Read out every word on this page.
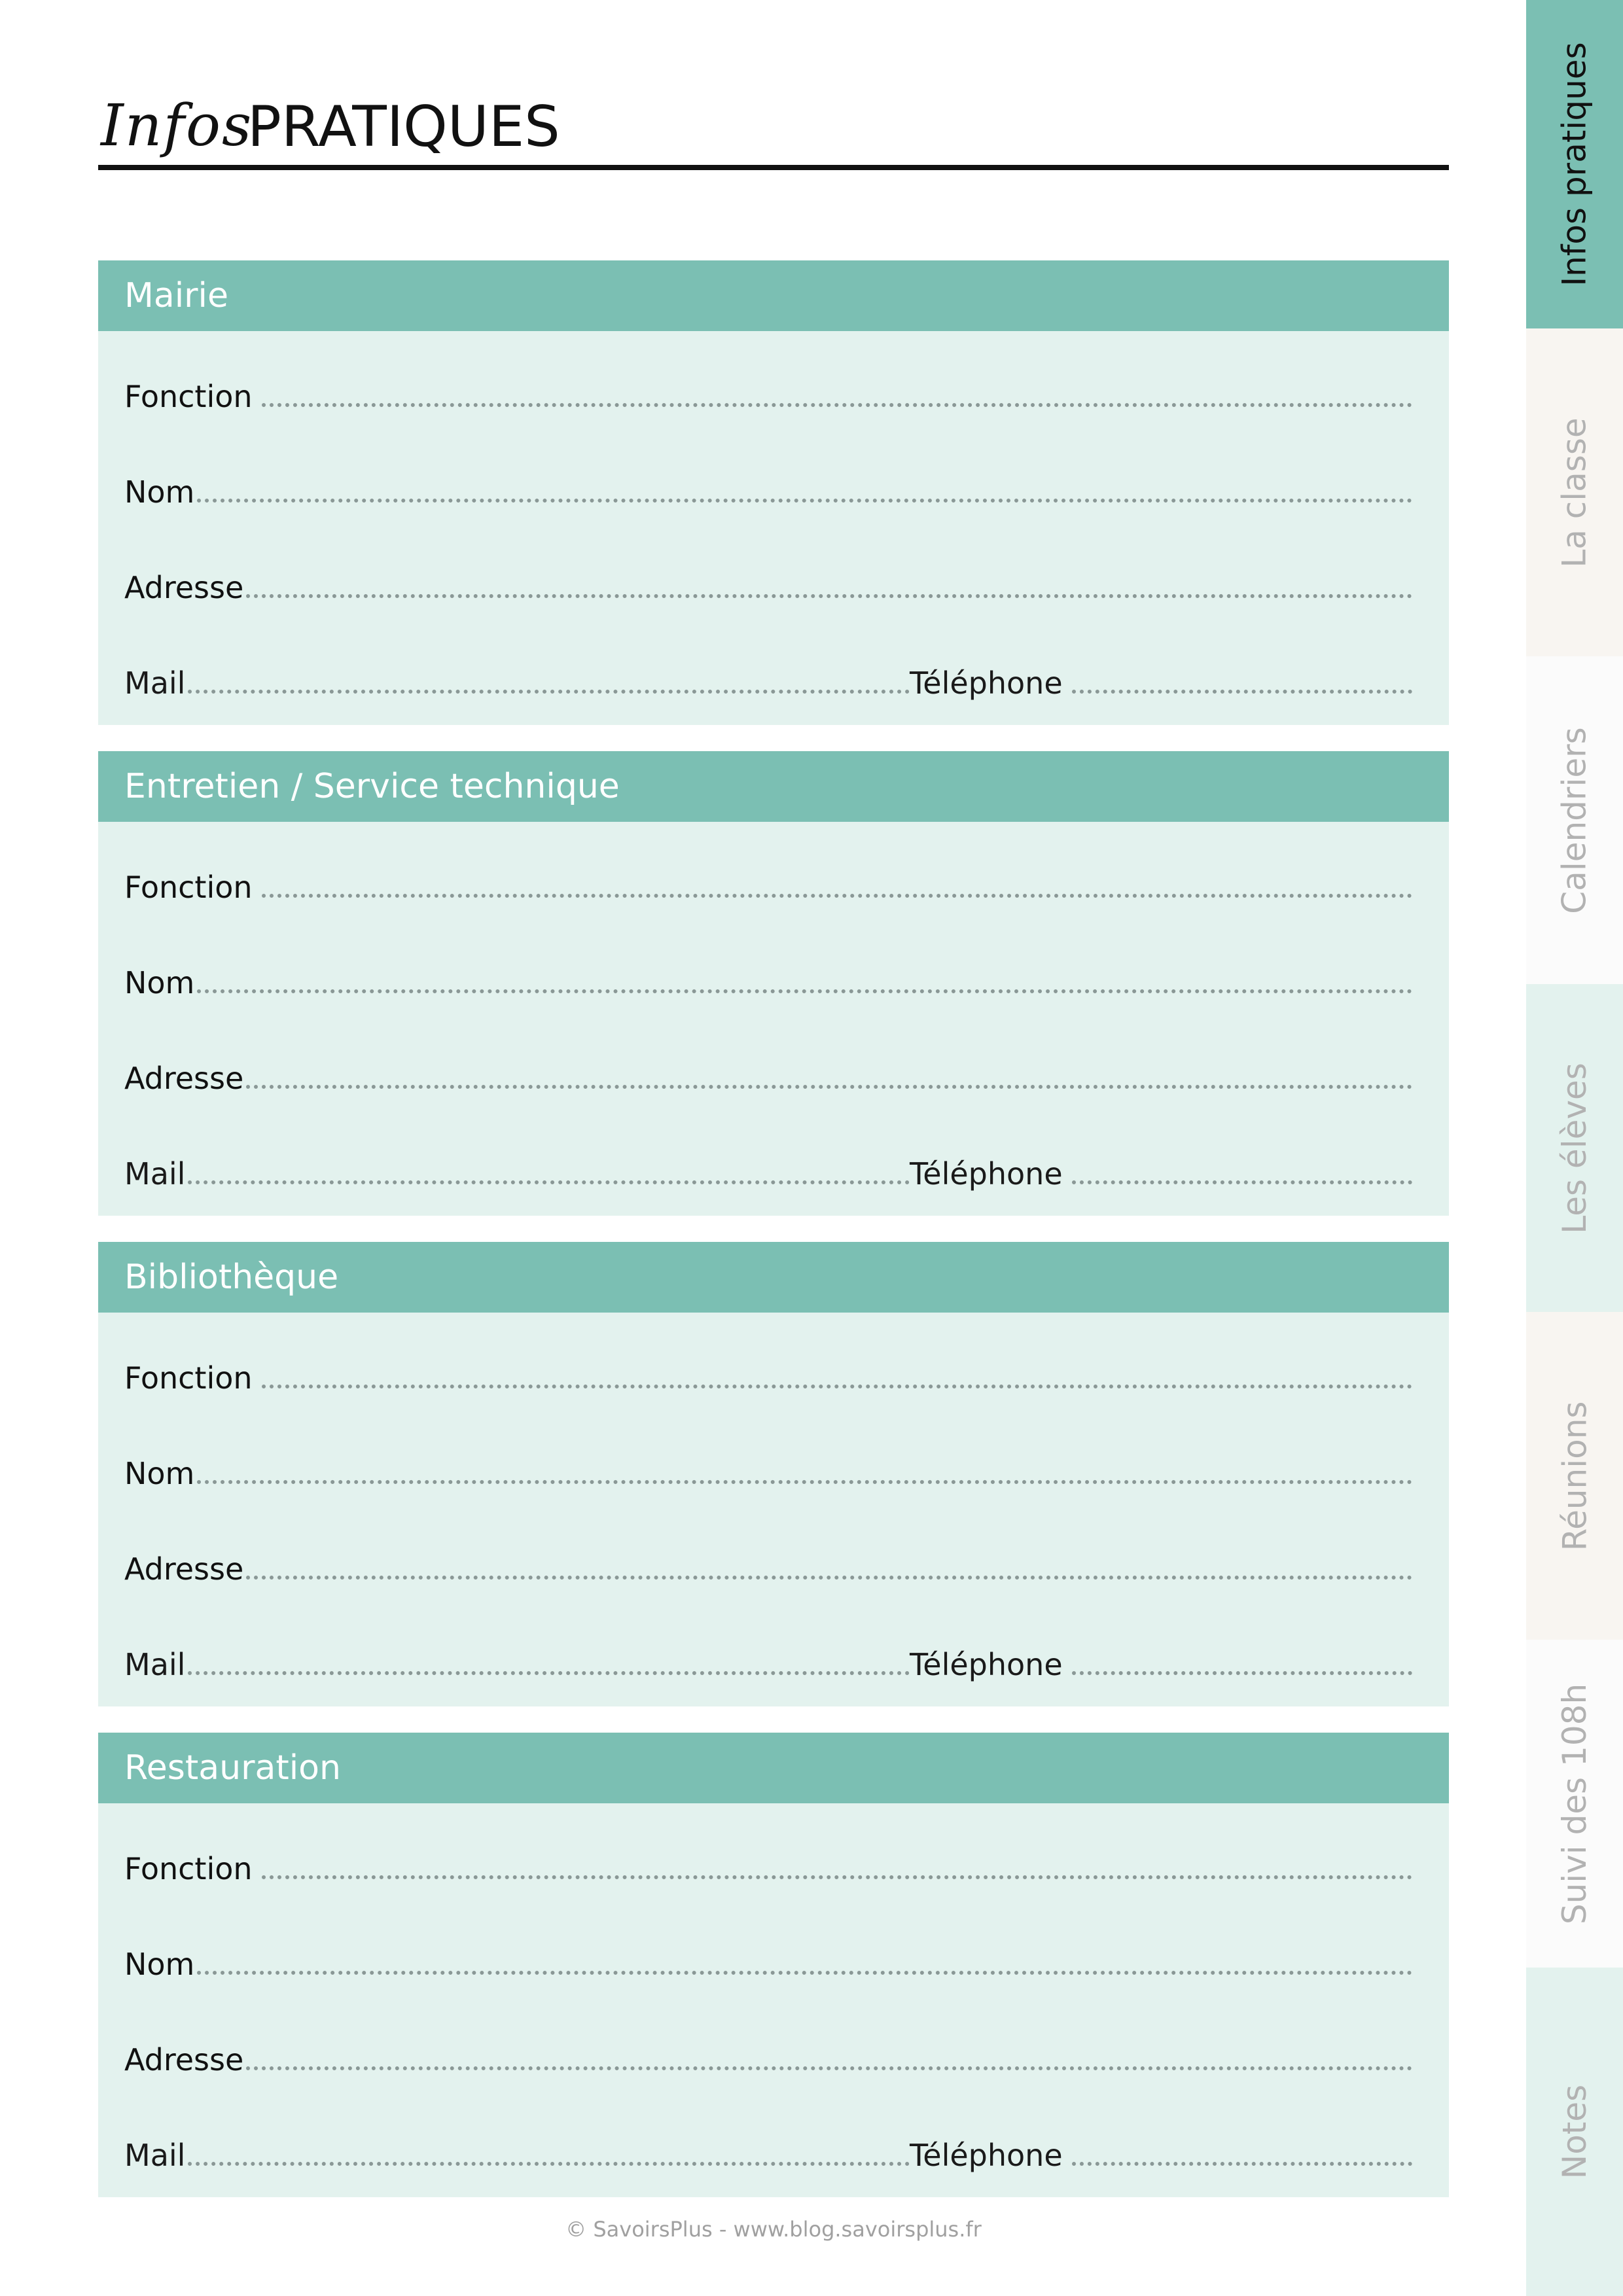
Infos
PRATIQUES
Mairie
Fonction
Nom
Adresse
Mail	Téléphone
Entretien / Service technique
Fonction
Nom
Adresse
Mail	Téléphone
Bibliothèque
Fonction
Nom
Adresse
Mail	Téléphone
Restauration
Fonction
Nom
Adresse
Mail	Téléphone
© SavoirsPlus - www.blog.savoirsplus.fr
Infos pratiques
La classe
Calendriers
Les élèves
Réunions
Suivi des 108h
Notes
